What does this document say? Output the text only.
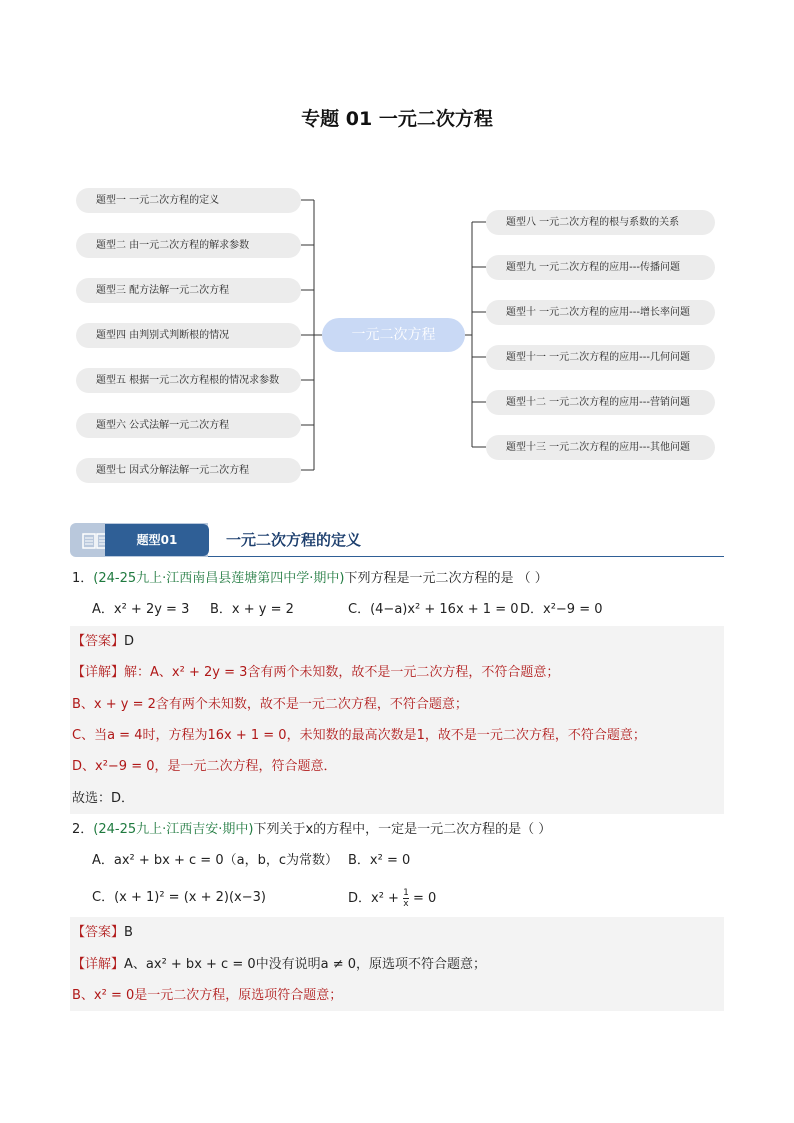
专题 01 一元二次方程
题型一 一元二次方程的定义
题型二 由一元二次方程的解求参数
题型三 配方法解一元二次方程
题型四 由判别式判断根的情况
题型五 根据一元二次方程根的情况求参数
题型六 公式法解一元二次方程
题型七 因式分解法解一元二次方程
一元二次方程
题型八 一元二次方程的根与系数的关系
题型九 一元二次方程的应用---传播问题
题型十 一元二次方程的应用---增长率问题
题型十一 一元二次方程的应用---几何问题
题型十二 一元二次方程的应用---营销问题
题型十三 一元二次方程的应用---其他问题
题型01	一元二次方程的定义
1．(24-25九上·江西南昌县莲塘第四中学·期中)下列方程是一元二次方程的是 （ ）
A．x² + 2y = 3 B．x + y = 2	C．(4−a)x² + 16x + 1 = 0 D．x²−9 = 0
【答案】D
【详解】解：A、x² + 2y = 3含有两个未知数，故不是一元二次方程，不符合题意；
B、x + y = 2含有两个未知数，故不是一元二次方程，不符合题意；
C、当a = 4时，方程为16x + 1 = 0，未知数的最高次数是1，故不是一元二次方程，不符合题意；
D、x²−9 = 0，是一元二次方程，符合题意．
故选：D．
2．(24-25九上·江西吉安·期中)下列关于x的方程中，一定是一元二次方程的是（ ）
A．ax² + bx + c = 0（a，b，c为常数） B．x² = 0
C．(x + 1)² = (x + 2)(x−3)	D．$x^2 + \frac{1}{x} = 0$
【答案】B
【详解】A、ax² + bx + c = 0中没有说明a ≠ 0，原选项不符合题意；
B、x² = 0是一元二次方程，原选项符合题意；
